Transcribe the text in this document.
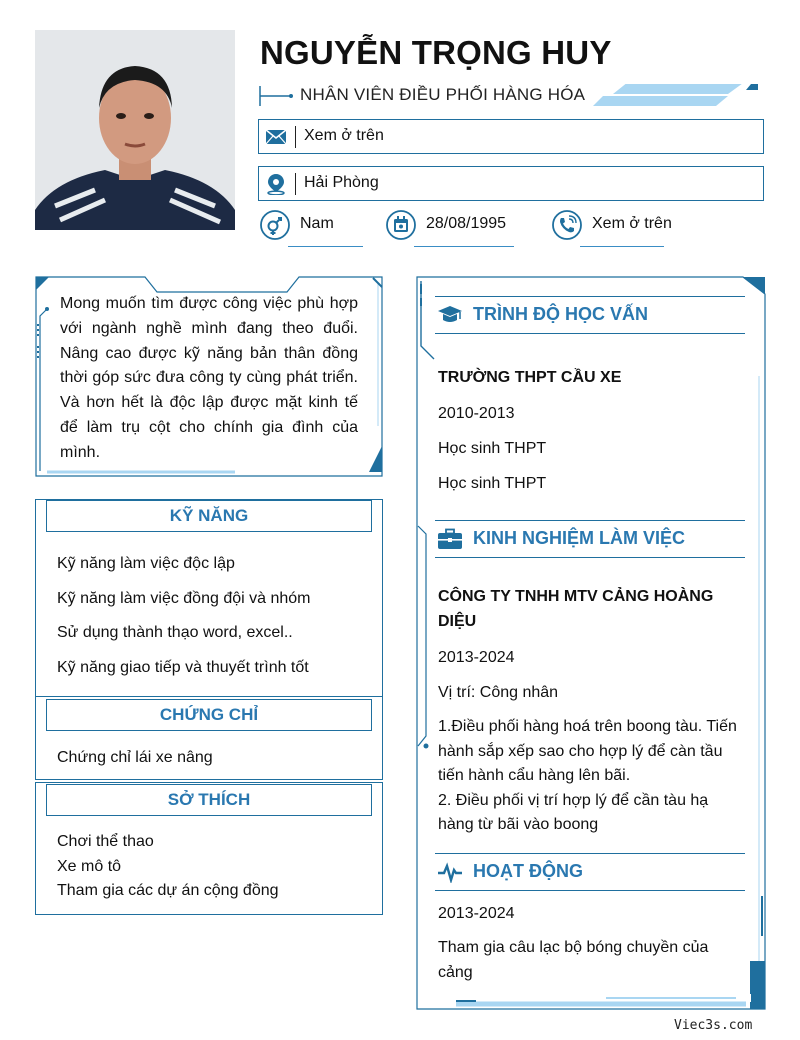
NGUYỄN TRỌNG HUY
NHÂN VIÊN ĐIỀU PHỐI HÀNG HÓA
Xem ở trên
Hải Phòng
Nam	28/08/1995	Xem ở trên
Mong muốn tìm được công việc phù hợp với ngành nghề mình đang theo đuổi. Nâng cao được kỹ năng bản thân đồng thời góp sức đưa công ty cùng phát triển. Và hơn hết là độc lập được mặt kinh tế để làm trụ cột cho chính gia đình của mình.
KỸ NĂNG
Kỹ năng làm việc độc lập
Kỹ năng làm việc đồng đội và nhóm
Sử dụng thành thạo word, excel..
Kỹ năng giao tiếp và thuyết trình tốt
CHỨNG CHỈ
Chứng chỉ lái xe nâng
SỞ THÍCH
Chơi thể thao
Xe mô tô
Tham gia các dự án cộng đồng
TRÌNH ĐỘ HỌC VẤN
TRƯỜNG THPT CẦU XE
2010-2013
Học sinh THPT
Học sinh THPT
KINH NGHIỆM LÀM VIỆC
CÔNG TY TNHH MTV CẢNG HOÀNG DIỆU
2013-2024
Vị trí: Công nhân
1.Điều phối hàng hoá trên boong tàu. Tiến hành sắp xếp sao cho hợp lý để càn tầu tiến hành cẩu hàng lên bãi.
2. Điều phối vị trí hợp lý để cần tàu hạ hàng từ bãi vào boong
HOẠT ĐỘNG
2013-2024
Tham gia câu lạc bộ bóng chuyền của cảng
Viec3s.com
